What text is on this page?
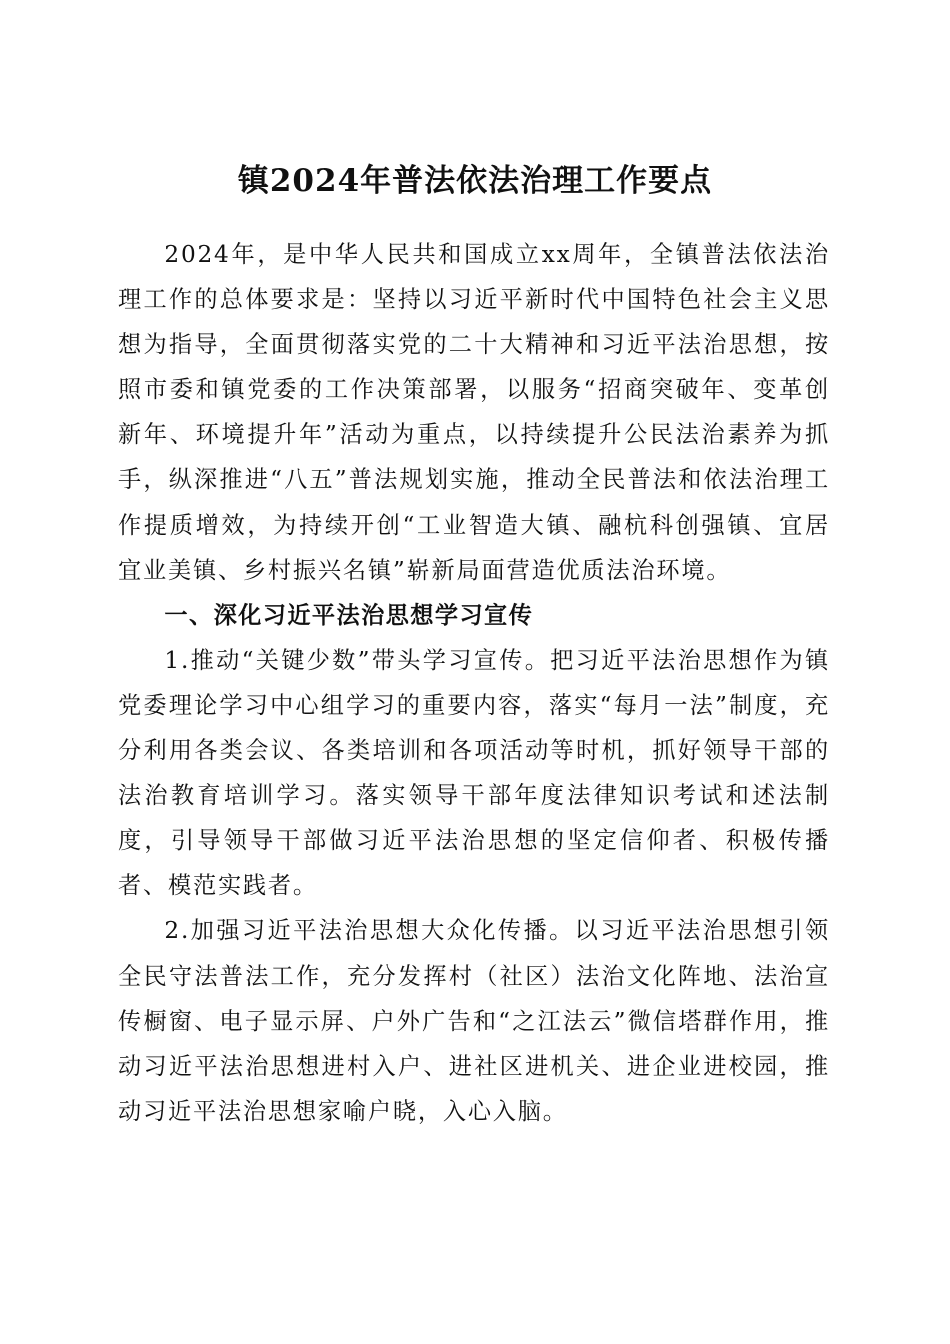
镇2024年普法依法治理工作要点

2024年，是中华人民共和国成立xx周年，全镇普法依法治理工作的总体要求是：坚持以习近平新时代中国特色社会主义思想为指导，全面贯彻落实党的二十大精神和习近平法治思想，按照市委和镇党委的工作决策部署，以服务“招商突破年、变革创新年、环境提升年”活动为重点，以持续提升公民法治素养为抓手，纵深推进“八五”普法规划实施，推动全民普法和依法治理工作提质增效，为持续开创“工业智造大镇、融杭科创强镇、宜居宜业美镇、乡村振兴名镇”崭新局面营造优质法治环境。

一、深化习近平法治思想学习宣传

1.推动“关键少数”带头学习宣传。把习近平法治思想作为镇党委理论学习中心组学习的重要内容，落实“每月一法”制度，充分利用各类会议、各类培训和各项活动等时机，抓好领导干部的法治教育培训学习。落实领导干部年度法律知识考试和述法制度，引导领导干部做习近平法治思想的坚定信仰者、积极传播者、模范实践者。

2.加强习近平法治思想大众化传播。以习近平法治思想引领全民守法普法工作，充分发挥村（社区）法治文化阵地、法治宣传橱窗、电子显示屏、户外广告和“之江法云”微信塔群作用，推动习近平法治思想进村入户、进社区进机关、进企业进校园，推动习近平法治思想家喻户晓，入心入脑。
